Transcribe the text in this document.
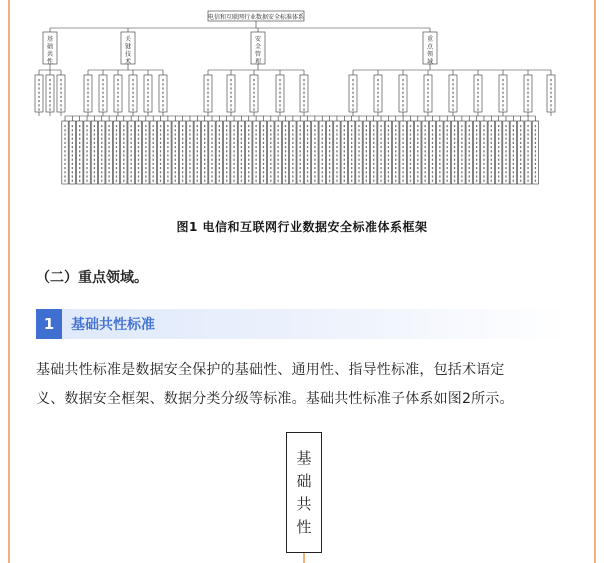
电信和互联网行业数据安全标准体系
基础共性
关键技术
安全管理
重点领域
图1 电信和互联网行业数据安全标准体系框架
（二）重点领域。
1	基础共性标准
基础共性标准是数据安全保护的基础性、通用性、指导性标准，包括术语定
义、数据安全框架、数据分类分级等标准。基础共性标准子体系如图2所示。
基
础
共
性
